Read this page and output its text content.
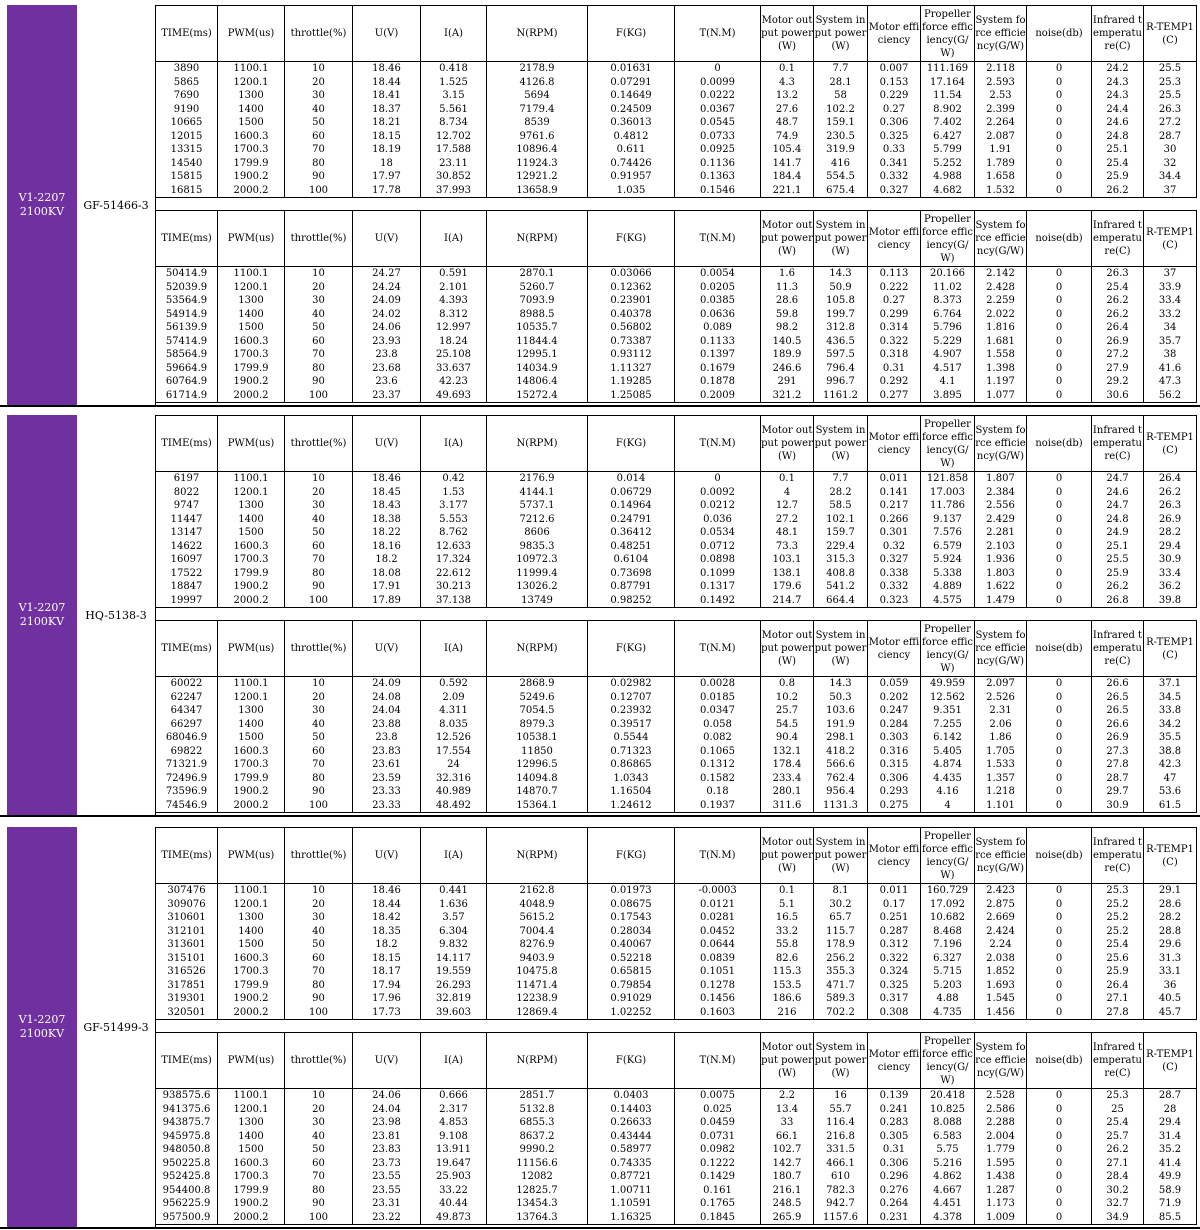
V1-2207
2100KV	GF-51466-3
TIME(ms)	PWM(us)	throttle(%)	U(V)	I(A)	N(RPM)	F(KG)	T(N.M)	Motor output power(W)	System input power(W)	Motor efficiency	Propeller force efficiency(G/W)	System force efficiency(G/W)	noise(db)	Infrared temperature(C)	R-TEMP1(C)
3890	1100.1	10	18.46	0.418	2178.9	0.01631	0	0.1	7.7	0.007	111.169	2.118	0	24.2	25.5
5865	1200.1	20	18.44	1.525	4126.8	0.07291	0.0099	4.3	28.1	0.153	17.164	2.593	0	24.3	25.3
7690	1300	30	18.41	3.15	5694	0.14649	0.0222	13.2	58	0.229	11.54	2.53	0	24.3	25.5
9190	1400	40	18.37	5.561	7179.4	0.24509	0.0367	27.6	102.2	0.27	8.902	2.399	0	24.4	26.3
10665	1500	50	18.21	8.734	8539	0.36013	0.0545	48.7	159.1	0.306	7.402	2.264	0	24.6	27.2
12015	1600.3	60	18.15	12.702	9761.6	0.4812	0.0733	74.9	230.5	0.325	6.427	2.087	0	24.8	28.7
13315	1700.3	70	18.19	17.588	10896.4	0.611	0.0925	105.4	319.9	0.33	5.799	1.91	0	25.1	30
14540	1799.9	80	18	23.11	11924.3	0.74426	0.1136	141.7	416	0.341	5.252	1.789	0	25.4	32
15815	1900.2	90	17.97	30.852	12921.2	0.91957	0.1363	184.4	554.5	0.332	4.988	1.658	0	25.9	34.4
16815	2000.2	100	17.78	37.993	13658.9	1.035	0.1546	221.1	675.4	0.327	4.682	1.532	0	26.2	37
TIME(ms)	PWM(us)	throttle(%)	U(V)	I(A)	N(RPM)	F(KG)	T(N.M)	Motor output power(W)	System input power(W)	Motor efficiency	Propeller force efficiency(G/W)	System force efficiency(G/W)	noise(db)	Infrared temperature(C)	R-TEMP1(C)
50414.9	1100.1	10	24.27	0.591	2870.1	0.03066	0.0054	1.6	14.3	0.113	20.166	2.142	0	26.3	37
52039.9	1200.1	20	24.24	2.101	5260.7	0.12362	0.0205	11.3	50.9	0.222	11.02	2.428	0	25.4	33.9
53564.9	1300	30	24.09	4.393	7093.9	0.23901	0.0385	28.6	105.8	0.27	8.373	2.259	0	26.2	33.4
54914.9	1400	40	24.02	8.312	8988.5	0.40378	0.0636	59.8	199.7	0.299	6.764	2.022	0	26.2	33.2
56139.9	1500	50	24.06	12.997	10535.7	0.56802	0.089	98.2	312.8	0.314	5.796	1.816	0	26.4	34
57414.9	1600.3	60	23.93	18.24	11844.4	0.73387	0.1133	140.5	436.5	0.322	5.229	1.681	0	26.9	35.7
58564.9	1700.3	70	23.8	25.108	12995.1	0.93112	0.1397	189.9	597.5	0.318	4.907	1.558	0	27.2	38
59664.9	1799.9	80	23.68	33.637	14034.9	1.11327	0.1679	246.6	796.4	0.31	4.517	1.398	0	27.9	41.6
60764.9	1900.2	90	23.6	42.23	14806.4	1.19285	0.1878	291	996.7	0.292	4.1	1.197	0	29.2	47.3
61714.9	2000.2	100	23.37	49.693	15272.4	1.25085	0.2009	321.2	1161.2	0.277	3.895	1.077	0	30.6	56.2
V1-2207
2100KV	HQ-5138-3
TIME(ms)	PWM(us)	throttle(%)	U(V)	I(A)	N(RPM)	F(KG)	T(N.M)	Motor output power(W)	System input power(W)	Motor efficiency	Propeller force efficiency(G/W)	System force efficiency(G/W)	noise(db)	Infrared temperature(C)	R-TEMP1(C)
6197	1100.1	10	18.46	0.42	2176.9	0.014	0	0.1	7.7	0.011	121.858	1.807	0	24.7	26.4
8022	1200.1	20	18.45	1.53	4144.1	0.06729	0.0092	4	28.2	0.141	17.003	2.384	0	24.6	26.2
9747	1300	30	18.43	3.177	5737.1	0.14964	0.0212	12.7	58.5	0.217	11.786	2.556	0	24.7	26.3
11447	1400	40	18.38	5.553	7212.6	0.24791	0.036	27.2	102.1	0.266	9.137	2.429	0	24.8	26.9
13147	1500	50	18.22	8.762	8606	0.36412	0.0534	48.1	159.7	0.301	7.576	2.281	0	24.9	28.2
14622	1600.3	60	18.16	12.633	9835.3	0.48251	0.0712	73.3	229.4	0.32	6.579	2.103	0	25.1	29.4
16097	1700.3	70	18.2	17.324	10972.3	0.6104	0.0898	103.1	315.3	0.327	5.924	1.936	0	25.5	30.9
17522	1799.9	80	18.08	22.612	11999.4	0.73698	0.1099	138.1	408.8	0.338	5.338	1.803	0	25.9	33.4
18847	1900.2	90	17.91	30.213	13026.2	0.87791	0.1317	179.6	541.2	0.332	4.889	1.622	0	26.2	36.2
19997	2000.2	100	17.89	37.138	13749	0.98252	0.1492	214.7	664.4	0.323	4.575	1.479	0	26.8	39.8
TIME(ms)	PWM(us)	throttle(%)	U(V)	I(A)	N(RPM)	F(KG)	T(N.M)	Motor output power(W)	System input power(W)	Motor efficiency	Propeller force efficiency(G/W)	System force efficiency(G/W)	noise(db)	Infrared temperature(C)	R-TEMP1(C)
60022	1100.1	10	24.09	0.592	2868.9	0.02982	0.0028	0.8	14.3	0.059	49.959	2.097	0	26.6	37.1
62247	1200.1	20	24.08	2.09	5249.6	0.12707	0.0185	10.2	50.3	0.202	12.562	2.526	0	26.5	34.5
64347	1300	30	24.04	4.311	7054.5	0.23932	0.0347	25.7	103.6	0.247	9.351	2.31	0	26.5	33.8
66297	1400	40	23.88	8.035	8979.3	0.39517	0.058	54.5	191.9	0.284	7.255	2.06	0	26.6	34.2
68046.9	1500	50	23.8	12.526	10538.1	0.5544	0.082	90.4	298.1	0.303	6.142	1.86	0	26.9	35.5
69822	1600.3	60	23.83	17.554	11850	0.71323	0.1065	132.1	418.2	0.316	5.405	1.705	0	27.3	38.8
71321.9	1700.3	70	23.61	24	12996.5	0.86865	0.1312	178.4	566.6	0.315	4.874	1.533	0	27.8	42.3
72496.9	1799.9	80	23.59	32.316	14094.8	1.0343	0.1582	233.4	762.4	0.306	4.435	1.357	0	28.7	47
73596.9	1900.2	90	23.33	40.989	14870.7	1.16504	0.18	280.1	956.4	0.293	4.16	1.218	0	29.7	53.6
74546.9	2000.2	100	23.33	48.492	15364.1	1.24612	0.1937	311.6	1131.3	0.275	4	1.101	0	30.9	61.5
V1-2207
2100KV	GF-51499-3
TIME(ms)	PWM(us)	throttle(%)	U(V)	I(A)	N(RPM)	F(KG)	T(N.M)	Motor output power(W)	System input power(W)	Motor efficiency	Propeller force efficiency(G/W)	System force efficiency(G/W)	noise(db)	Infrared temperature(C)	R-TEMP1(C)
307476	1100.1	10	18.46	0.441	2162.8	0.01973	-0.0003	0.1	8.1	0.011	160.729	2.423	0	25.3	29.1
309076	1200.1	20	18.44	1.636	4048.9	0.08675	0.0121	5.1	30.2	0.17	17.092	2.875	0	25.2	28.6
310601	1300	30	18.42	3.57	5615.2	0.17543	0.0281	16.5	65.7	0.251	10.682	2.669	0	25.2	28.2
312101	1400	40	18.35	6.304	7004.4	0.28034	0.0452	33.2	115.7	0.287	8.468	2.424	0	25.2	28.8
313601	1500	50	18.2	9.832	8276.9	0.40067	0.0644	55.8	178.9	0.312	7.196	2.24	0	25.4	29.6
315101	1600.3	60	18.15	14.117	9403.9	0.52218	0.0839	82.6	256.2	0.322	6.327	2.038	0	25.6	31.3
316526	1700.3	70	18.17	19.559	10475.8	0.65815	0.1051	115.3	355.3	0.324	5.715	1.852	0	25.9	33.1
317851	1799.9	80	17.94	26.293	11471.4	0.79854	0.1278	153.5	471.7	0.325	5.203	1.693	0	26.4	36
319301	1900.2	90	17.96	32.819	12238.9	0.91029	0.1456	186.6	589.3	0.317	4.88	1.545	0	27.1	40.5
320501	2000.2	100	17.73	39.603	12869.4	1.02252	0.1603	216	702.2	0.308	4.735	1.456	0	27.8	45.7
TIME(ms)	PWM(us)	throttle(%)	U(V)	I(A)	N(RPM)	F(KG)	T(N.M)	Motor output power(W)	System input power(W)	Motor efficiency	Propeller force efficiency(G/W)	System force efficiency(G/W)	noise(db)	Infrared temperature(C)	R-TEMP1(C)
938575.6	1100.1	10	24.06	0.666	2851.7	0.0403	0.0075	2.2	16	0.139	20.418	2.528	0	25.3	28.7
941375.6	1200.1	20	24.04	2.317	5132.8	0.14403	0.025	13.4	55.7	0.241	10.825	2.586	0	25	28
943875.7	1300	30	23.98	4.853	6855.3	0.26633	0.0459	33	116.4	0.283	8.088	2.288	0	25.4	29.4
945975.8	1400	40	23.81	9.108	8637.2	0.43444	0.0731	66.1	216.8	0.305	6.583	2.004	0	25.7	31.4
948050.8	1500	50	23.83	13.911	9990.2	0.58977	0.0982	102.7	331.5	0.31	5.75	1.779	0	26.2	35.2
950225.8	1600.3	60	23.73	19.647	11156.6	0.74335	0.1222	142.7	466.1	0.306	5.216	1.595	0	27.1	41.4
952425.8	1700.3	70	23.55	25.903	12082	0.87721	0.1429	180.7	610	0.296	4.862	1.438	0	28.4	49.9
954400.8	1799.9	80	23.55	33.22	12825.7	1.00711	0.161	216.1	782.3	0.276	4.667	1.287	0	30.2	58.9
956225.9	1900.2	90	23.31	40.44	13454.3	1.10591	0.1765	248.5	942.7	0.264	4.451	1.173	0	32.7	71.9
957500.9	2000.2	100	23.22	49.873	13764.3	1.16325	0.1845	265.9	1157.6	0.231	4.378	1.009	0	34.9	85.5
